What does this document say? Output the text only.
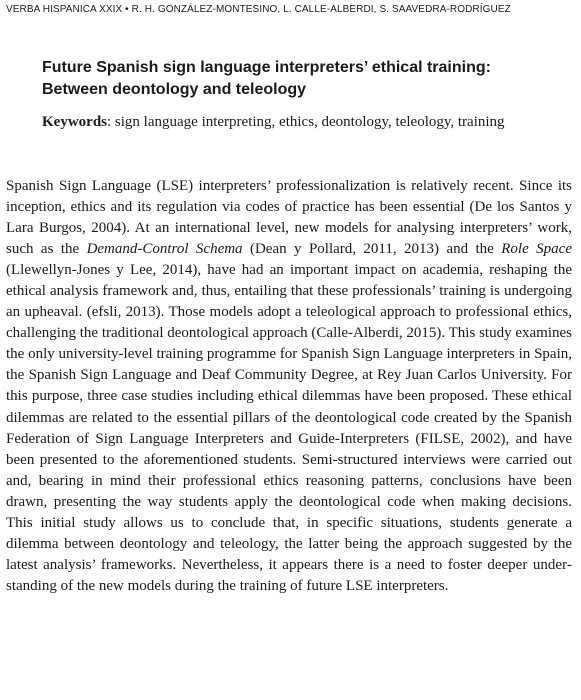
VERBA HISPANICA XXIX • R. H. GONZÁLEZ-MONTESINO, L. CALLE-ALBERDI, S. SAAVEDRA-RODRÍGUEZ
Future Spanish sign language interpreters’ ethical training:
Between deontology and teleology
Keywords: sign language interpreting, ethics, deontology, teleology, training
Spanish Sign Language (LSE) interpreters’ professionalization is relatively recent. Since its inception, ethics and its regulation via codes of practice has been essential (De los Santos y Lara Burgos, 2004). At an international level, new models for analysing interpreters’ work, such as the Demand-Control Schema (Dean y Pollard, 2011, 2013) and the Role Space (Llewellyn-Jones y Lee, 2014), have had an important impact on academia, reshaping the ethical analysis framework and, thus, entailing that these professionals’ training is undergoing an upheaval. (efsli, 2013). Those models adopt a teleological approach to professional ethics, challenging the traditional deontological approach (Calle-Alberdi, 2015). This study examines the only university-level training programme for Spanish Sign Language interpreters in Spain, the Spanish Sign Language and Deaf Community Degree, at Rey Juan Carlos University. For this purpose, three case studies including ethical dilemmas have been proposed. These ethical dilemmas are related to the essential pillars of the deontological code created by the Spanish Federation of Sign Language Interpreters and Guide-Interpreters (FILSE, 2002), and have been presented to the aforementioned students. Semi-structured interviews were carried out and, bearing in mind their professional ethics reasoning patterns, conclusions have been drawn, presenting the way students apply the deontological code when making decisions. This initial study allows us to conclude that, in specific situations, students generate a dilemma between deontology and teleology, the latter being the approach suggested by the latest analysis’ frameworks. Nevertheless, it appears there is a need to foster deeper understanding of the new models during the training of future LSE interpreters.
